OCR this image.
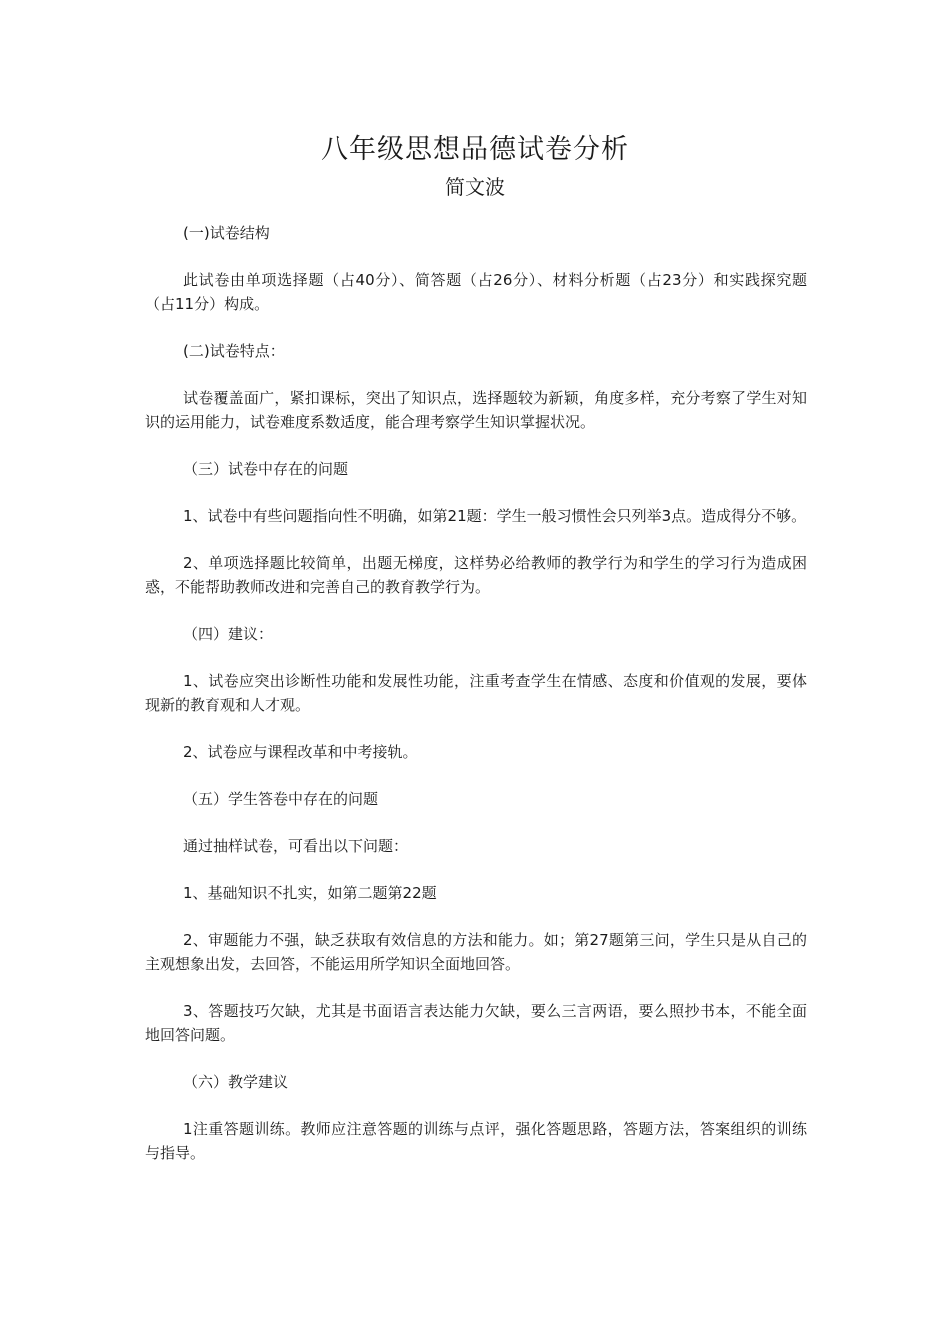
八年级思想品德试卷分析
简文波

(一)试卷结构

此试卷由单项选择题（占40分）、简答题（占26分）、材料分析题（占23分）和实践探究题（占11分）构成。

(二)试卷特点：

试卷覆盖面广，紧扣课标，突出了知识点，选择题较为新颖，角度多样，充分考察了学生对知识的运用能力，试卷难度系数适度，能合理考察学生知识掌握状况。

（三）试卷中存在的问题

1、试卷中有些问题指向性不明确，如第21题：学生一般习惯性会只列举3点。造成得分不够。

2、单项选择题比较简单，出题无梯度，这样势必给教师的教学行为和学生的学习行为造成困惑，不能帮助教师改进和完善自己的教育教学行为。

（四）建议：

1、试卷应突出诊断性功能和发展性功能，注重考查学生在情感、态度和价值观的发展，要体现新的教育观和人才观。

2、试卷应与课程改革和中考接轨。

（五）学生答卷中存在的问题

通过抽样试卷，可看出以下问题：

1、基础知识不扎实，如第二题第22题

2、审题能力不强，缺乏获取有效信息的方法和能力。如；第27题第三问，学生只是从自己的主观想象出发，去回答，不能运用所学知识全面地回答。

3、答题技巧欠缺，尤其是书面语言表达能力欠缺，要么三言两语，要么照抄书本，不能全面地回答问题。

（六）教学建议

1注重答题训练。教师应注意答题的训练与点评，强化答题思路，答题方法，答案组织的训练与指导。
